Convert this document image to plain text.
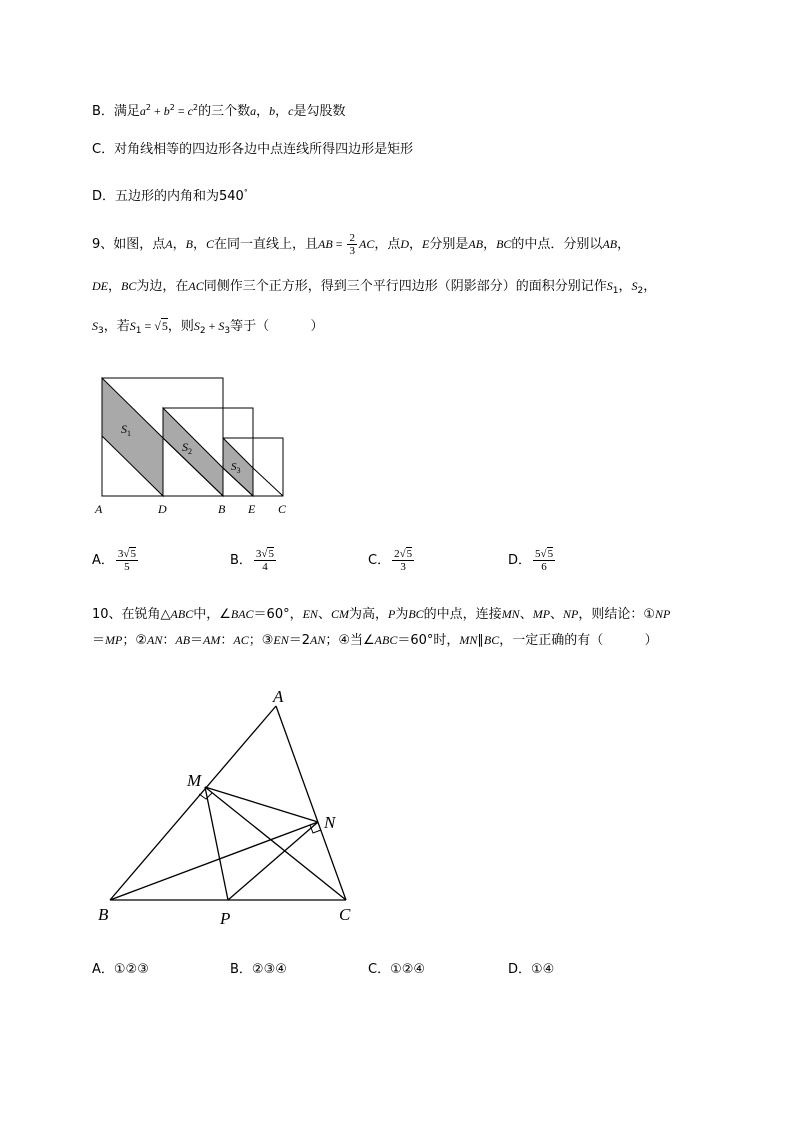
B．满足$a^2 + b^2 = c^2$的三个数a，b，c是勾股数
C．对角线相等的四边形各边中点连线所得四边形是矩形
D．五边形的内角和为540°
9、如图，点A，B，C在同一直线上，且AB = $\frac{2}{3}$ AC，点D，E分别是AB，BC的中点．分别以AB，
DE，BC为边，在AC同侧作三个正方形，得到三个平行四边形（阴影部分）的面积分别记作$S_1$，$S_2$，
$S_3$，若$S_1 = √5$，则$S_2 + S_3$等于（	）
$S_1$
$S_2$
$S_3$
A	D	B E C
A． $\frac{3√5}{5}$	B． $\frac{3√5}{4}$	C． $\frac{2√5}{3}$	D． $\frac{5√5}{6}$
10、在锐角△ABC中，∠BAC＝60°，EN、CM为高，P为BC的中点，连接MN、MP、NP，则结论：①NP
＝MP；②AN：AB＝AM：AC；③EN＝2AN；④当∠ABC＝60°时，MN∥BC，一定正确的有（	）
A
M
N
B	P	C
A．①②③	B．②③④	C．①②④	D．①④
